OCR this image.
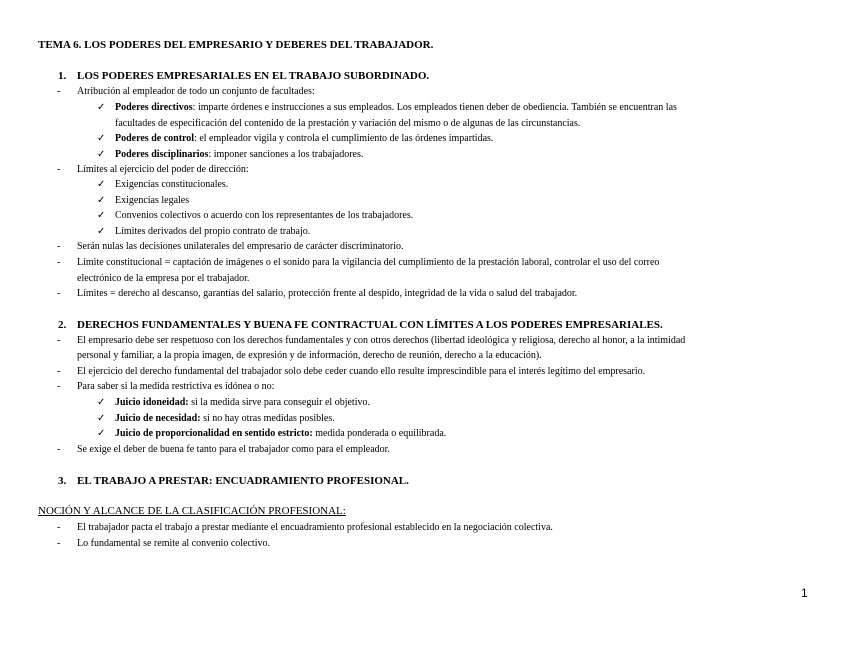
TEMA 6. LOS PODERES DEL EMPRESARIO Y DEBERES DEL TRABAJADOR.
1. LOS PODERES EMPRESARIALES EN EL TRABAJO SUBORDINADO.
- Atribución al empleador de todo un conjunto de facultades:
✓ Poderes directivos: imparte órdenes e instrucciones a sus empleados. Los empleados tienen deber de obediencia. También se encuentran las
facultades de especificación del contenido de la prestación y variación del mismo o de algunas de las circunstancias.
✓ Poderes de control: el empleador vigila y controla el cumplimiento de las órdenes impartidas.
✓ Poderes disciplinarios: imponer sanciones a los trabajadores.
- Límites al ejercicio del poder de dirección:
✓ Exigencias constitucionales.
✓ Exigencias legales
✓ Convenios colectivos o acuerdo con los representantes de los trabajadores.
✓ Límites derivados del propio contrato de trabajo.
- Serán nulas las decisiones unilaterales del empresario de carácter discriminatorio.
- Límite constitucional = captación de imágenes o el sonido para la vigilancia del cumplimiento de la prestación laboral, controlar el uso del correo
electrónico de la empresa por el trabajador.
- Límites = derecho al descanso, garantías del salario, protección frente al despido, integridad de la vida o salud del trabajador.
2. DERECHOS FUNDAMENTALES Y BUENA FE CONTRACTUAL CON LÍMITES A LOS PODERES EMPRESARIALES.
- El empresario debe ser respetuoso con los derechos fundamentales y con otros derechos (libertad ideológica y religiosa, derecho al honor, a la intimidad
personal y familiar, a la propia imagen, de expresión y de información, derecho de reunión, derecho a la educación).
- El ejercicio del derecho fundamental del trabajador solo debe ceder cuando ello resulte imprescindible para el interés legítimo del empresario.
- Para saber si la medida restrictiva es idónea o no:
✓ Juicio idoneidad: si la medida sirve para conseguir el objetivo.
✓ Juicio de necesidad: si no hay otras medidas posibles.
✓ Juicio de proporcionalidad en sentido estricto: medida ponderada o equilibrada.
- Se exige el deber de buena fe tanto para el trabajador como para el empleador.
3. EL TRABAJO A PRESTAR: ENCUADRAMIENTO PROFESIONAL.
NOCIÓN Y ALCANCE DE LA CLASIFICACIÓN PROFESIONAL:
- El trabajador pacta el trabajo a prestar mediante el encuadramiento profesional establecido en la negociación colectiva.
- Lo fundamental se remite al convenio colectivo.
1
